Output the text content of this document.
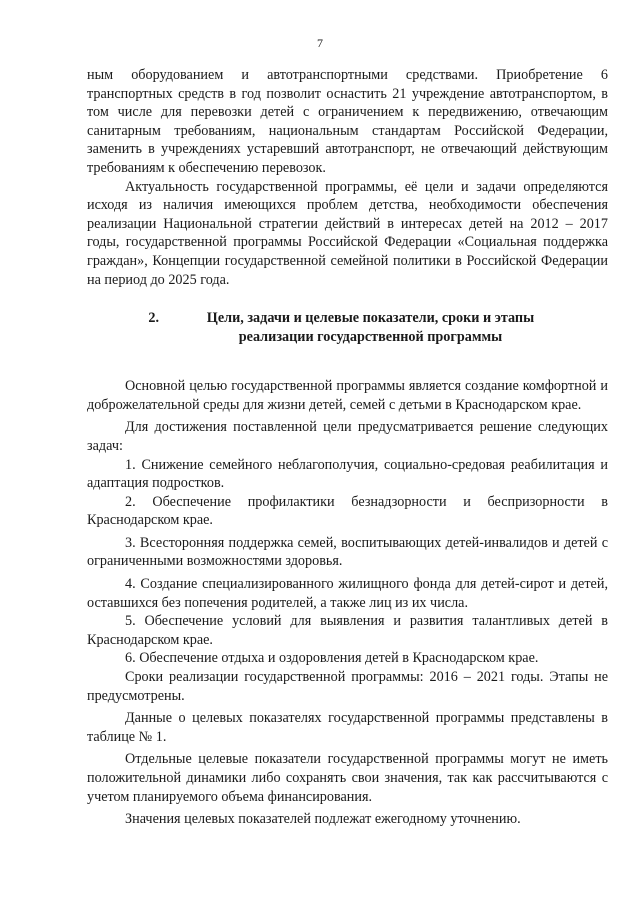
7

ным оборудованием и автотранспортными средствами. Приобретение 6 транспортных средств в год позволит оснастить 21 учреждение автотранспортом, в том числе для перевозки детей с ограничением к передвижению, отвечающим санитарным требованиям, национальным стандартам Российской Федерации, заменить в учреждениях устаревший автотранспорт, не отвечающий действующим требованиям к обеспечению перевозок.

Актуальность государственной программы, её цели и задачи определяются исходя из наличия имеющихся проблем детства, необходимости обеспечения реализации Национальной стратегии действий в интересах детей на 2012 – 2017 годы, государственной программы Российской Федерации «Социальная поддержка граждан», Концепции государственной семейной политики в Российской Федерации на период до 2025 года.

2.	Цели, задачи и целевые показатели, сроки и этапы реализации государственной программы

Основной целью государственной программы является создание комфортной и доброжелательной среды для жизни детей, семей с детьми в Краснодарском крае.

Для достижения поставленной цели предусматривается решение следующих задач:

1. Снижение семейного неблагополучия, социально-средовая реабилитация и адаптация подростков.

2. Обеспечение профилактики безнадзорности и беспризорности в Краснодарском крае.

3. Всесторонняя поддержка семей, воспитывающих детей-инвалидов и детей с ограниченными возможностями здоровья.

4. Создание специализированного жилищного фонда для детей-сирот и детей, оставшихся без попечения родителей, а также лиц из их числа.

5. Обеспечение условий для выявления и развития талантливых детей в Краснодарском крае.

6. Обеспечение отдыха и оздоровления детей в Краснодарском крае.

Сроки реализации государственной программы: 2016 – 2021 годы. Этапы не предусмотрены.

Данные о целевых показателях государственной программы представлены в таблице № 1.

Отдельные целевые показатели государственной программы могут не иметь положительной динамики либо сохранять свои значения, так как рассчитываются с учетом планируемого объема финансирования.

Значения целевых показателей подлежат ежегодному уточнению.
